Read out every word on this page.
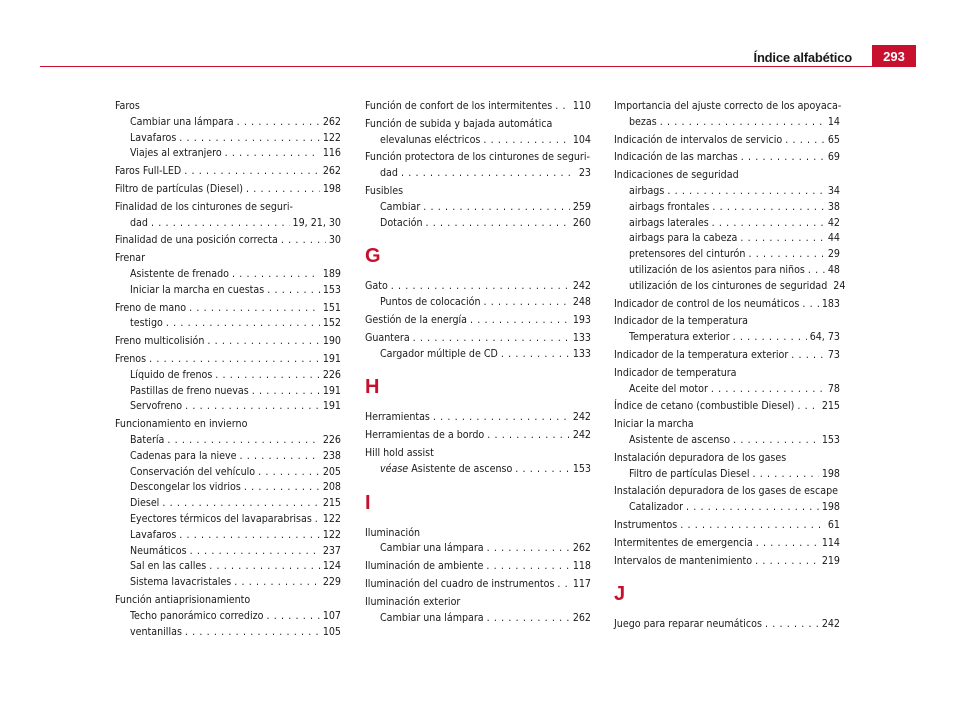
Índice alfabético	293
Faros
Cambiar una lámpara . . .	262
Lavafaros . . .	122
Viajes al extranjero . . .	116
Faros Full-LED . . .	262
Filtro de partículas (Diesel) . . .	198
Finalidad de los cinturones de seguri-
dad . . .	19, 21, 30
Finalidad de una posición correcta . . .	30
Frenar
Asistente de frenado . . .	189
Iniciar la marcha en cuestas . . .	153
Freno de mano . . .	151
testigo . . .	152
Freno multicolisión . . .	190
Frenos . . .	191
Líquido de frenos . . .	226
Pastillas de freno nuevas . . .	191
Servofreno . . .	191
Funcionamiento en invierno
Batería . . .	226
Cadenas para la nieve . . .	238
Conservación del vehículo . . .	205
Descongelar los vidrios . . .	208
Diesel . . .	215
Eyectores térmicos del lavaparabrisas . . . 122
Lavafaros . . .	122
Neumáticos . . .	237
Sal en las calles . . .	124
Sistema lavacristales . . .	229
Función antiaprisionamiento
Techo panorámico corredizo . . .	107
ventanillas . . .	105
Función de confort de los intermitentes . . . 110
Función de subida y bajada automática
elevalunas eléctricos . . .	104
Función protectora de los cinturones de seguri-
dad . . .	23
Fusibles
Cambiar . . .	259
Dotación . . .	260
G
Gato . . .	242
Puntos de colocación . . .	248
Gestión de la energía . . .	193
Guantera . . .	133
Cargador múltiple de CD . . .	133
H
Herramientas . . .	242
Herramientas de a bordo . . .	242
Hill hold assist
véase Asistente de ascenso . . .	153
I
Iluminación
Cambiar una lámpara . . .	262
Iluminación de ambiente . . .	118
Iluminación del cuadro de instrumentos . . . 117
Iluminación exterior
Cambiar una lámpara . . .	262
Importancia del ajuste correcto de los apoyaca-
bezas . . .	14
Indicación de intervalos de servicio . . .	65
Indicación de las marchas . . .	69
Indicaciones de seguridad
airbags . . .	34
airbags frontales . . .	38
airbags laterales . . .	42
airbags para la cabeza . . .	44
pretensores del cinturón . . .	29
utilización de los asientos para niños . . . 48
utilización de los cinturones de seguridad 24
Indicador de control de los neumáticos . . . 183
Indicador de la temperatura
Temperatura exterior . . .	64, 73
Indicador de la temperatura exterior . . .	73
Indicador de temperatura
Aceite del motor . . .	78
Índice de cetano (combustible Diesel) . . .	215
Iniciar la marcha
Asistente de ascenso . . .	153
Instalación depuradora de los gases
Filtro de partículas Diesel . . .	198
Instalación depuradora de los gases de escape
Catalizador . . .	198
Instrumentos . . .	61
Intermitentes de emergencia . . .	114
Intervalos de mantenimiento . . .	219
J
Juego para reparar neumáticos . . .	242
